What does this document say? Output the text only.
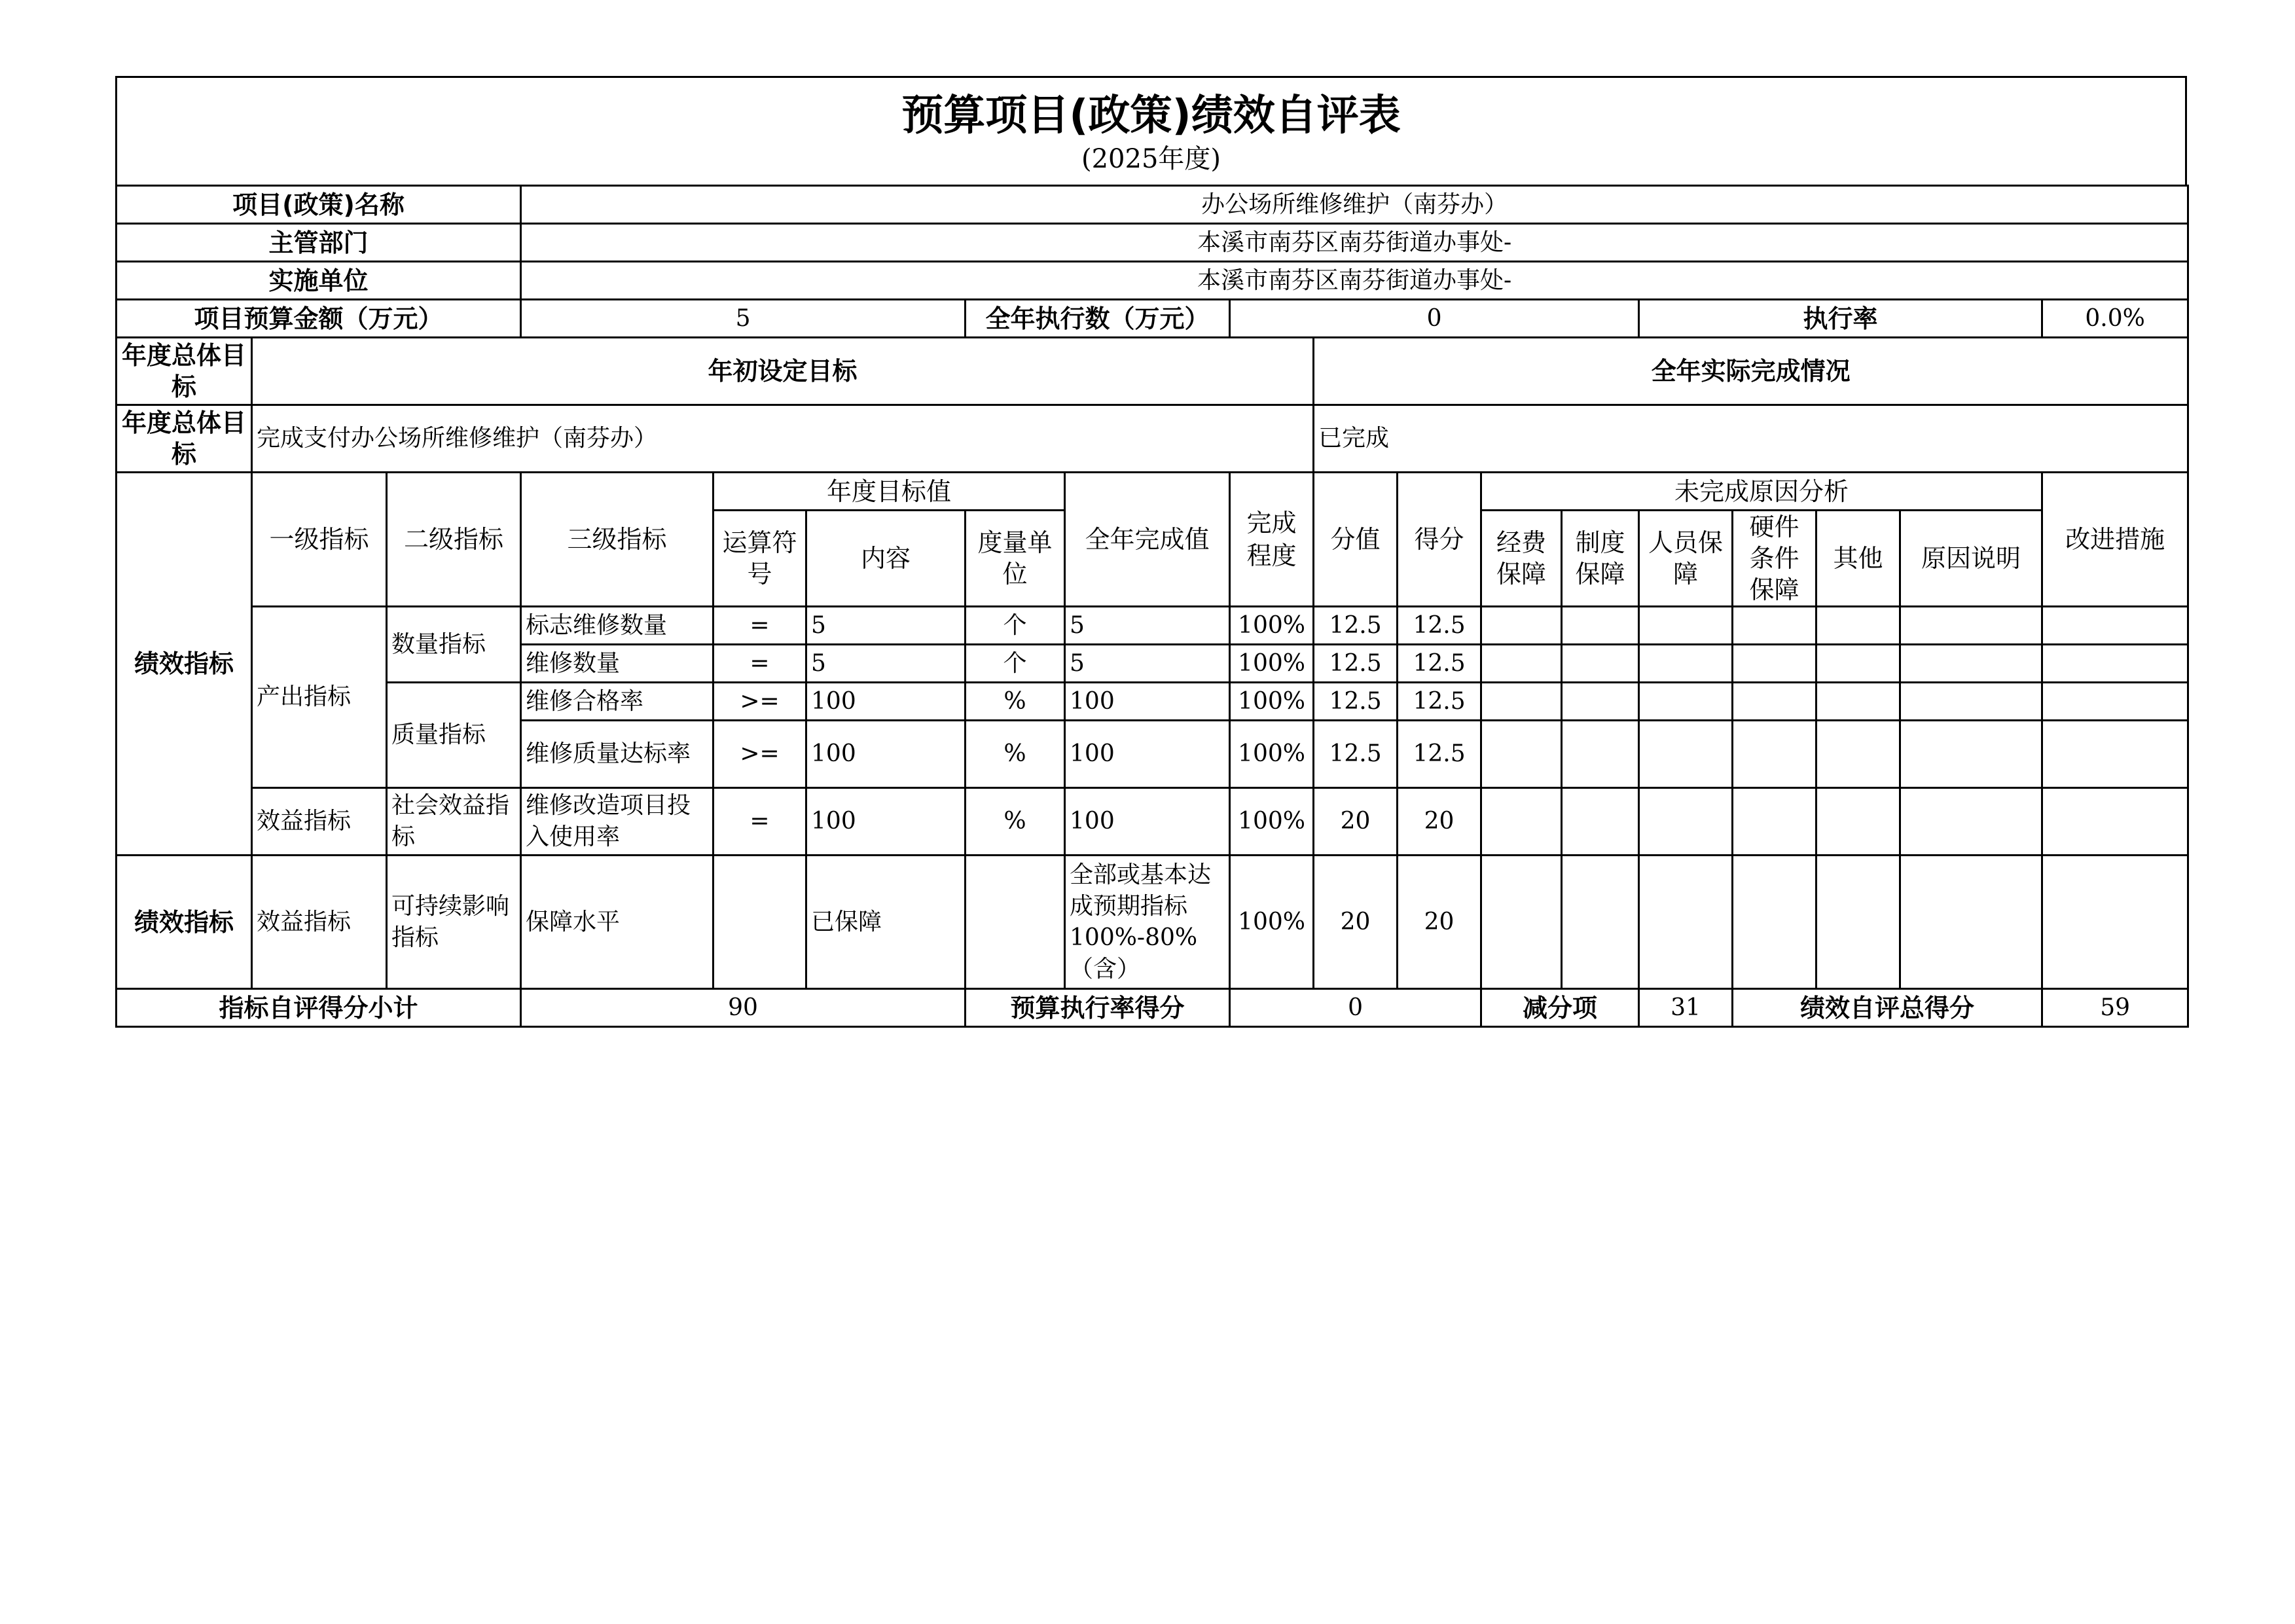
预算项目(政策)绩效自评表
(2025年度)
项目(政策)名称			办公场所维修维护（南芬办）														
主管部门			本溪市南芬区南芬街道办事处-														
实施单位			本溪市南芬区南芬街道办事处-														
项目预算金额（万元）			5			全年执行数（万元）		0					执行率				0.0%
年度总体目标	年初设定目标								全年实际完成情况								
年度总体目标	完成支付办公场所维修维护（南芬办）								已完成								
绩效指标	一级指标	二级指标	三级指标	年度目标值			全年完成值	完成程度	分值	得分	未完成原因分析						改进措施
				运算符号	内容	度量单位					经费保障	制度保障	人员保障	硬件条件保障	其他	原因说明	
	产出指标	数量指标	标志维修数量	=	5	个	5	100%	12.5	12.5							
			维修数量	=	5	个	5	100%	12.5	12.5							
		质量指标	维修合格率	>=	100	%	100	100%	12.5	12.5							
			维修质量达标率	>=	100	%	100	100%	12.5	12.5							
	效益指标	社会效益指标	维修改造项目投入使用率	=	100	%	100	100%	20	20							
绩效指标	效益指标	可持续影响指标	保障水平		已保障		全部或基本达成预期指标100%-80%（含）	100%	20	20							
指标自评得分小计			90			预算执行率得分		0			减分项		31	绩效自评总得分			59
